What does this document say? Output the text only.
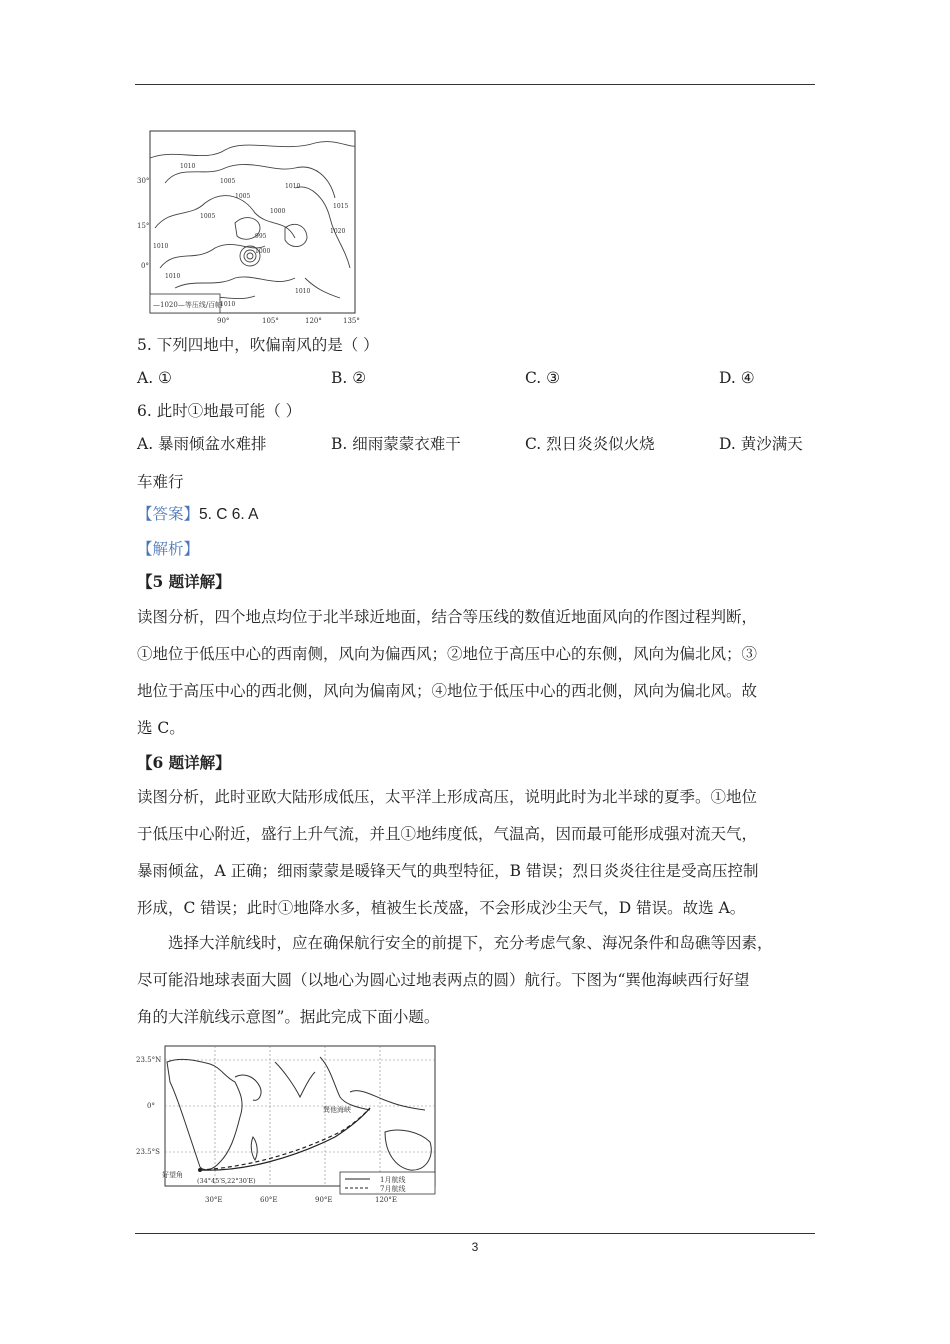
30°
15°
0°
90°	105°	120°	135°
1010
1005
1000
1010
1015
1020
1010
1005
995
1000
1010
1010
1005
1010
—1020—等压线/百帕
5. 下列四地中，吹偏南风的是（ ）
A. ①	B. ②	C. ③	D. ④
6. 此时①地最可能（ ）
A. 暴雨倾盆水难排	B. 细雨蒙蒙衣难干	C. 烈日炎炎似火烧	D. 黄沙满天
车难行
【答案】5. C 6. A
【解析】
【5 题详解】
读图分析，四个地点均位于北半球近地面，结合等压线的数值近地面风向的作图过程判断，
①地位于低压中心的西南侧，风向为偏西风；②地位于高压中心的东侧，风向为偏北风；③
地位于高压中心的西北侧，风向为偏南风；④地位于低压中心的西北侧，风向为偏北风。故
选 C。
【6 题详解】
读图分析，此时亚欧大陆形成低压，太平洋上形成高压，说明此时为北半球的夏季。①地位
于低压中心附近，盛行上升气流，并且①地纬度低，气温高，因而最可能形成强对流天气，
暴雨倾盆，A 正确；细雨蒙蒙是暖锋天气的典型特征，B 错误；烈日炎炎往往是受高压控制
形成，C 错误；此时①地降水多，植被生长茂盛，不会形成沙尘天气，D 错误。故选 A。
选择大洋航线时，应在确保航行安全的前提下，充分考虑气象、海况条件和岛礁等因素，
尽可能沿地球表面大圆（以地心为圆心过地表两点的圆）航行。下图为“巽他海峡西行好望
角的大洋航线示意图”。据此完成下面小题。
23.5°N
0°
23.5°S
30°E	60°E	90°E	120°E
巽他海峡
好望角
(34°45′S,22°30′E)	1月航线
7月航线
3
